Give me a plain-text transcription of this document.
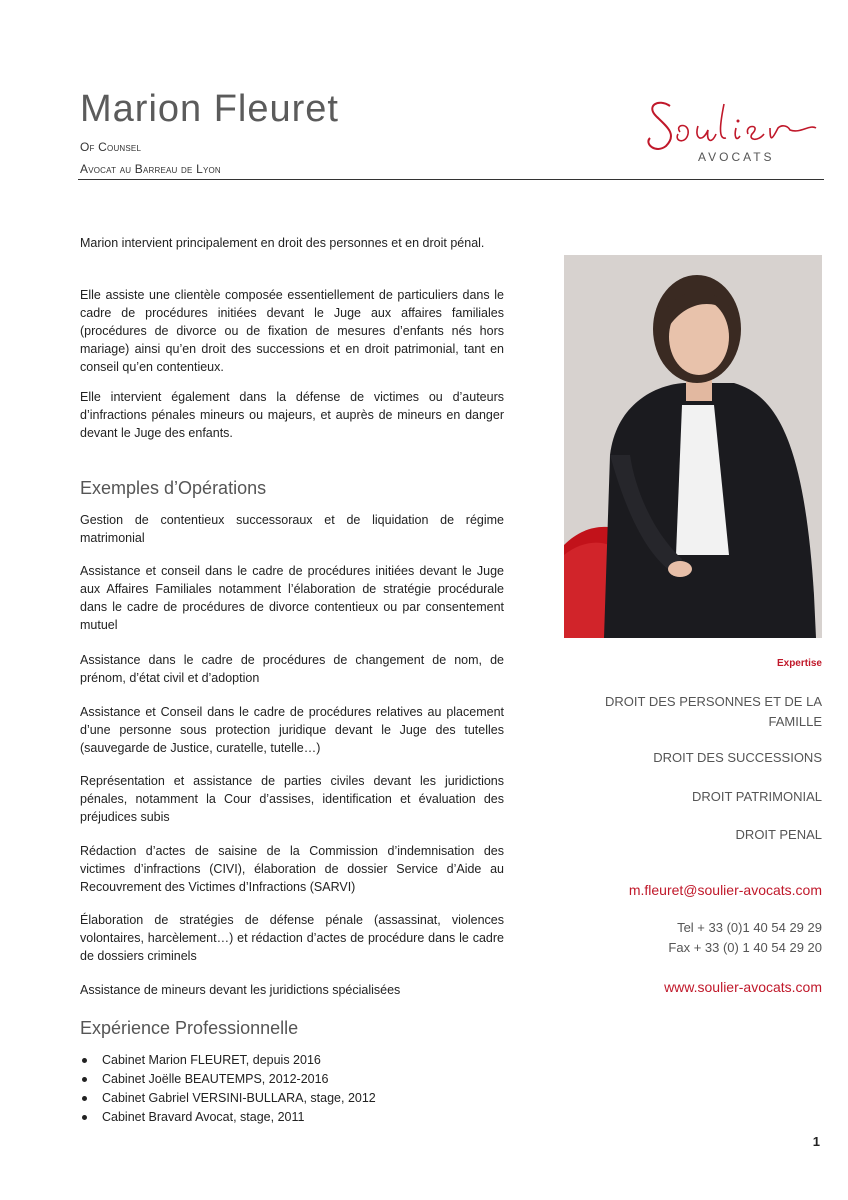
Marion Fleuret
Of Counsel
Avocat au Barreau de Lyon
AVOCATS
Marion intervient principalement en droit des personnes et en droit pénal.
Elle assiste une clientèle composée essentiellement de particuliers dans le cadre de procédures initiées devant le Juge aux affaires familiales (procédures de divorce ou de fixation de mesures d’enfants nés hors mariage) ainsi qu’en droit des successions et en droit patrimonial, tant en conseil qu’en contentieux.
Elle intervient également dans la défense de victimes ou d’auteurs d’infractions pénales mineurs ou majeurs, et auprès de mineurs en danger devant le Juge des enfants.
Exemples d’Opérations
Gestion de contentieux successoraux et de liquidation de régime matrimonial
Assistance et conseil dans le cadre de procédures initiées devant le Juge aux Affaires Familiales notamment l’élaboration de stratégie procédurale dans le cadre de procédures de divorce contentieux ou par consentement mutuel
Assistance dans le cadre de procédures de changement de nom, de prénom, d’état civil et d’adoption
Assistance et Conseil dans le cadre de procédures relatives au placement d’une personne sous protection juridique devant le Juge des tutelles (sauvegarde de Justice, curatelle, tutelle…)
Représentation et assistance de parties civiles devant les juridictions pénales, notamment la Cour d’assises, identification et évaluation des préjudices subis
Rédaction d’actes de saisine de la Commission d’indemnisation des victimes d’infractions (CIVI), élaboration de dossier Service d’Aide au Recouvrement des Victimes d’Infractions (SARVI)
Élaboration de stratégies de défense pénale (assassinat, violences volontaires, harcèlement…) et rédaction d’actes de procédure dans le cadre de dossiers criminels
Assistance de mineurs devant les juridictions spécialisées
Expérience Professionnelle
Cabinet Marion FLEURET, depuis 2016
Cabinet Joëlle BEAUTEMPS, 2012-2016
Cabinet Gabriel VERSINI-BULLARA, stage, 2012
Cabinet Bravard Avocat, stage, 2011
Expertise
DROIT DES PERSONNES ET DE LA FAMILLE
DROIT DES SUCCESSIONS
DROIT PATRIMONIAL
DROIT PENAL
m.fleuret@soulier-avocats.com
Tel + 33 (0)1 40 54 29 29
Fax + 33 (0) 1 40 54 29 20
www.soulier-avocats.com
1
